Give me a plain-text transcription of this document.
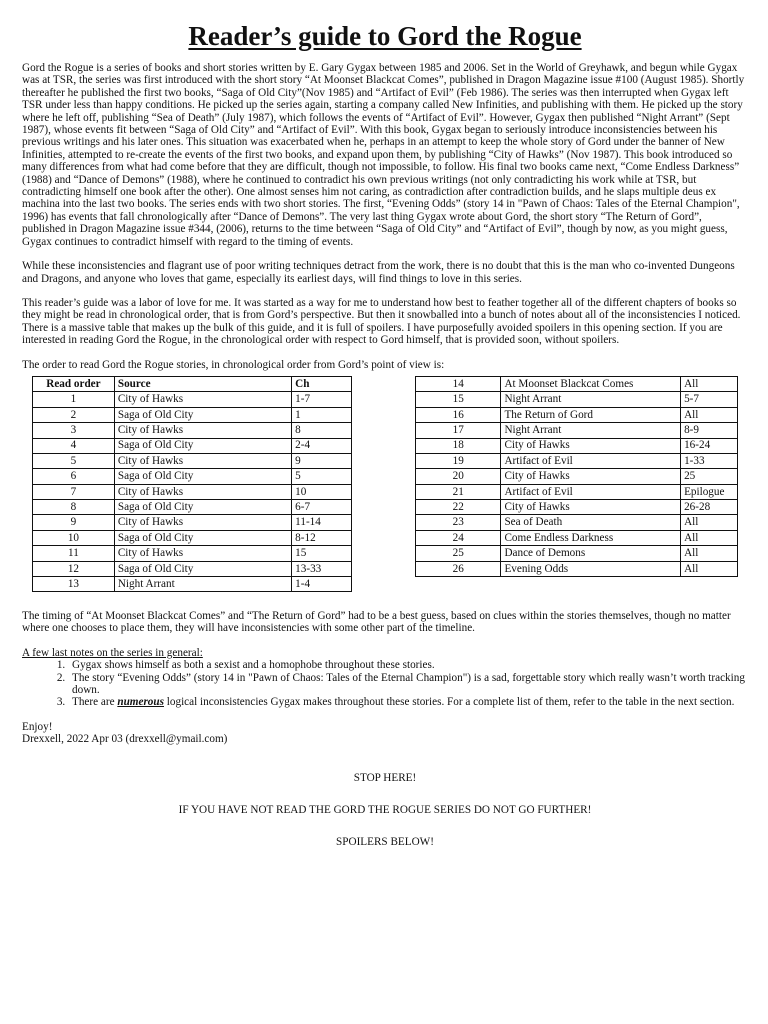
Reader’s guide to Gord the Rogue

Gord the Rogue is a series of books and short stories written by E. Gary Gygax between 1985 and 2006. Set in the World of Greyhawk, and begun while Gygax was at TSR, the series was first introduced with the short story “At Moonset Blackcat Comes”, published in Dragon Magazine issue #100 (August 1985). Shortly thereafter he published the first two books, “Saga of Old City”(Nov 1985) and “Artifact of Evil” (Feb 1986). The series was then interrupted when Gygax left TSR under less than happy conditions. He picked up the series again, starting a company called New Infinities, and publishing with them. He picked up the story where he left off, publishing “Sea of Death” (July 1987), which follows the events of “Artifact of Evil”. However, Gygax then published “Night Arrant” (Sept 1987), whose events fit between “Saga of Old City” and “Artifact of Evil”. With this book, Gygax began to seriously introduce inconsistencies between his previous writings and his later ones. This situation was exacerbated when he, perhaps in an attempt to keep the whole story of Gord under the banner of New Infinities, attempted to re-create the events of the first two books, and expand upon them, by publishing “City of Hawks” (Nov 1987). This book introduced so many differences from what had come before that they are difficult, though not impossible, to follow. His final two books came next, “Come Endless Darkness” (1988) and “Dance of Demons” (1988), where he continued to contradict his own previous writings (not only contradicting his work while at TSR, but contradicting himself one book after the other). One almost senses him not caring, as contradiction after contradiction builds, and he slaps multiple deus ex machina into the last two books. The series ends with two short stories. The first, “Evening Odds” (story 14 in "Pawn of Chaos: Tales of the Eternal Champion", 1996) has events that fall chronologically after “Dance of Demons”. The very last thing Gygax wrote about Gord, the short story “The Return of Gord”, published in Dragon Magazine issue #344, (2006), returns to the time between “Saga of Old City” and “Artifact of Evil”, though by now, as you might guess, Gygax continues to contradict himself with regard to the timing of events.

While these inconsistencies and flagrant use of poor writing techniques detract from the work, there is no doubt that this is the man who co-invented Dungeons and Dragons, and anyone who loves that game, especially its earliest days, will find things to love in this series.

This reader’s guide was a labor of love for me. It was started as a way for me to understand how best to feather together all of the different chapters of books so they might be read in chronological order, that is from Gord’s perspective. But then it snowballed into a bunch of notes about all of the inconsistencies I noticed. There is a massive table that makes up the bulk of this guide, and it is full of spoilers. I have purposefully avoided spoilers in this opening section. If you are interested in reading Gord the Rogue, in the chronological order with respect to Gord himself, that is provided soon, without spoilers.

The order to read Gord the Rogue stories, in chronological order from Gord’s point of view is:

Read order	Source	Ch
1	City of Hawks	1-7
2	Saga of Old City	1
3	City of Hawks	8
4	Saga of Old City	2-4
5	City of Hawks	9
6	Saga of Old City	5
7	City of Hawks	10
8	Saga of Old City	6-7
9	City of Hawks	11-14
10	Saga of Old City	8-12
11	City of Hawks	15
12	Saga of Old City	13-33
13	Night Arrant	1-4
14	At Moonset Blackcat Comes	All
15	Night Arrant	5-7
16	The Return of Gord	All
17	Night Arrant	8-9
18	City of Hawks	16-24
19	Artifact of Evil	1-33
20	City of Hawks	25
21	Artifact of Evil	Epilogue
22	City of Hawks	26-28
23	Sea of Death	All
24	Come Endless Darkness	All
25	Dance of Demons	All
26	Evening Odds	All

The timing of “At Moonset Blackcat Comes” and “The Return of Gord” had to be a best guess, based on clues within the stories themselves, though no matter where one chooses to place them, they will have inconsistencies with some other part of the timeline.

A few last notes on the series in general:

1. Gygax shows himself as both a sexist and a homophobe throughout these stories.
2. The story “Evening Odds” (story 14 in "Pawn of Chaos: Tales of the Eternal Champion") is a sad, forgettable story which really wasn’t worth tracking down.
3. There are numerous logical inconsistencies Gygax makes throughout these stories. For a complete list of them, refer to the table in the next section.

Enjoy!
Drexxell, 2022 Apr 03 (drexxell@ymail.com)

STOP HERE!

IF YOU HAVE NOT READ THE GORD THE ROGUE SERIES DO NOT GO FURTHER!

SPOILERS BELOW!
